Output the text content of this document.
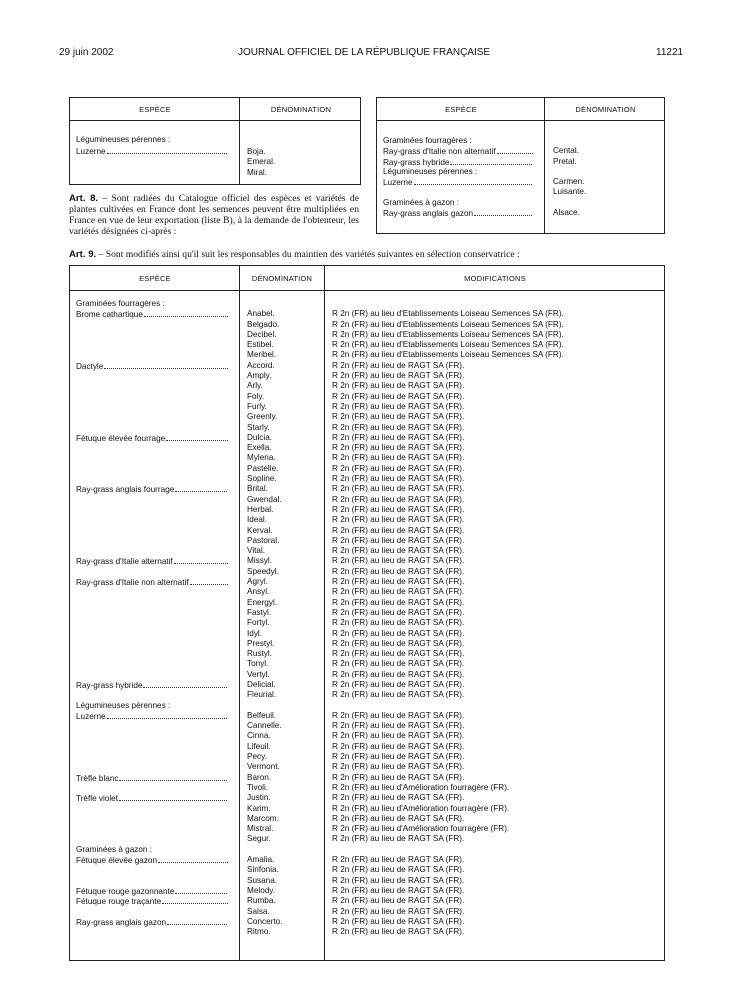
29 juin 2002	JOURNAL OFFICIEL DE LA RÉPUBLIQUE FRANÇAISE	11221
ESPÈCE	DÉNOMINATION
Légumineuses pérennes :
Luzerne	Boja.
Emeral.
Miral.
Art. 8. – Sont radiées du Catalogue officiel des espèces et variétés de plantes cultivées en France dont les semences peuvent être multipliées en France en vue de leur exportation (liste B), à la demande de l'obtenteur, les variétés désignées ci-après :
ESPÈCE	DÉNOMINATION
Graminées fourragères :
Ray-grass d'Italie non alternatif	Cental.
Ray-grass hybride	Pretal.
Légumineuses pérennes :
Luzerne	Carmen.
Luisante.
Graminées à gazon :
Ray-grass anglais gazon	Alsace.
Art. 9. – Sont modifiés ainsi qu'il suit les responsables du maintien des variétés suivantes en sélection conservatrice :
ESPÈCE	DÉNOMINATION	MODIFICATIONS
Graminées fourragères :
Brome cathartique	Anabel.	R 2n (FR) au lieu d'Etablissements Loiseau Semences SA (FR).
Belgado.	R 2n (FR) au lieu d'Etablissements Loiseau Semences SA (FR).
Decibel.	R 2n (FR) au lieu d'Etablissements Loiseau Semences SA (FR).
Estibel.	R 2n (FR) au lieu d'Etablissements Loiseau Semences SA (FR).
Meribel.	R 2n (FR) au lieu d'Etablissements Loiseau Semences SA (FR).
Dactyle	Accord.	R 2n (FR) au lieu de RAGT SA (FR).
Amply.	R 2n (FR) au lieu de RAGT SA (FR).
Arly.	R 2n (FR) au lieu de RAGT SA (FR).
Foly.	R 2n (FR) au lieu de RAGT SA (FR).
Furly.	R 2n (FR) au lieu de RAGT SA (FR).
Greenly.	R 2n (FR) au lieu de RAGT SA (FR).
Starly.	R 2n (FR) au lieu de RAGT SA (FR).
Fétuque élevée fourrage	Dulcia.	R 2n (FR) au lieu de RAGT SA (FR).
Exella.	R 2n (FR) au lieu de RAGT SA (FR).
Mylena.	R 2n (FR) au lieu de RAGT SA (FR).
Pastelle.	R 2n (FR) au lieu de RAGT SA (FR).
Sopline.	R 2n (FR) au lieu de RAGT SA (FR).
Ray-grass anglais fourrage	Brital.	R 2n (FR) au lieu de RAGT SA (FR).
Gwendal.	R 2n (FR) au lieu de RAGT SA (FR).
Herbal.	R 2n (FR) au lieu de RAGT SA (FR).
Ideal.	R 2n (FR) au lieu de RAGT SA (FR).
Kerval.	R 2n (FR) au lieu de RAGT SA (FR).
Pastoral.	R 2n (FR) au lieu de RAGT SA (FR).
Vital.	R 2n (FR) au lieu de RAGT SA (FR).
Ray-grass d'Italie alternatif	Missyl.	R 2n (FR) au lieu de RAGT SA (FR).
Speedyl.	R 2n (FR) au lieu de RAGT SA (FR).
Ray-grass d'Italie non alternatif	Agryl.	R 2n (FR) au lieu de RAGT SA (FR).
Ansyl.	R 2n (FR) au lieu de RAGT SA (FR).
Energyl.	R 2n (FR) au lieu de RAGT SA (FR).
Fastyl.	R 2n (FR) au lieu de RAGT SA (FR).
Fortyl.	R 2n (FR) au lieu de RAGT SA (FR).
Idyl.	R 2n (FR) au lieu de RAGT SA (FR).
Prestyl.	R 2n (FR) au lieu de RAGT SA (FR).
Rustyl.	R 2n (FR) au lieu de RAGT SA (FR).
Tonyl.	R 2n (FR) au lieu de RAGT SA (FR).
Vertyl.	R 2n (FR) au lieu de RAGT SA (FR).
Ray-grass hybride	Delicial.	R 2n (FR) au lieu de RAGT SA (FR).
Fleurial.	R 2n (FR) au lieu de RAGT SA (FR).
Légumineuses pérennes :
Luzerne	Belfeuil.	R 2n (FR) au lieu de RAGT SA (FR).
Cannelle.	R 2n (FR) au lieu de RAGT SA (FR).
Cinna.	R 2n (FR) au lieu de RAGT SA (FR).
Lifeuil.	R 2n (FR) au lieu de RAGT SA (FR).
Pecy.	R 2n (FR) au lieu de RAGT SA (FR).
Vermont.	R 2n (FR) au lieu de RAGT SA (FR).
Trèfle blanc	Baron.	R 2n (FR) au lieu de RAGT SA (FR).
Tivoli.	R 2n (FR) au lieu d'Amélioration fourragère (FR).
Trèfle violet	Justin.	R 2n (FR) au lieu de RAGT SA (FR).
Karim.	R 2n (FR) au lieu d'Amélioration fourragère (FR).
Marcom.	R 2n (FR) au lieu de RAGT SA (FR).
Mistral.	R 2n (FR) au lieu d'Amélioration fourragère (FR).
Segur.	R 2n (FR) au lieu de RAGT SA (FR).
Graminées à gazon :
Fétuque élevée gazon	Amalia.	R 2n (FR) au lieu de RAGT SA (FR).
Sinfonia.	R 2n (FR) au lieu de RAGT SA (FR).
Susana.	R 2n (FR) au lieu de RAGT SA (FR).
Fétuque rouge gazonnante	Melody.	R 2n (FR) au lieu de RAGT SA (FR).
Fétuque rouge traçante	Rumba.	R 2n (FR) au lieu de RAGT SA (FR).
Salsa.	R 2n (FR) au lieu de RAGT SA (FR).
Ray-grass anglais gazon	Concerto.	R 2n (FR) au lieu de RAGT SA (FR).
Ritmo.	R 2n (FR) au lieu de RAGT SA (FR).
